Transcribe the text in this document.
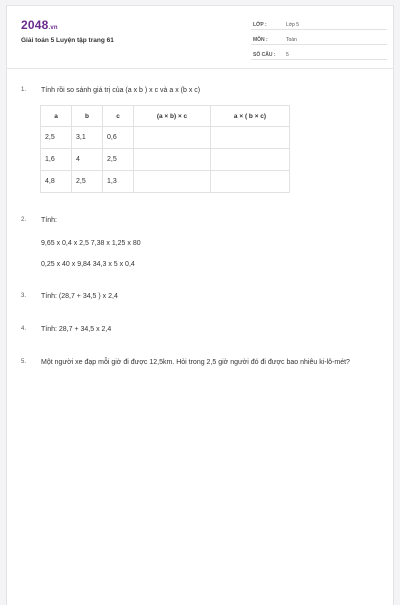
2048.vn
Giải toán 5 Luyện tập trang 61
LỚP :	Lớp 5
MÔN :	Toán
SỐ CÂU : 5
1. Tính rồi so sánh giá trị của (a x b ) x c và a x (b x c)
a	b	c	(a × b) × c	a × ( b × c)
2,5	3,1	0,6		
1,6	4	2,5		
4,8	2,5	1,3		
2. Tính:
9,65 x 0,4 x 2,5 7,38 x 1,25 x 80
0,25 x 40 x 9,84 34,3 x 5 x 0,4
3. Tính: (28,7 + 34,5 ) x 2,4
4. Tính: 28,7 + 34,5 x 2,4
5. Một người xe đạp mỗi giờ đi được 12,5km. Hỏi trong 2,5 giờ người đó đi được bao nhiêu ki-lô-mét?
